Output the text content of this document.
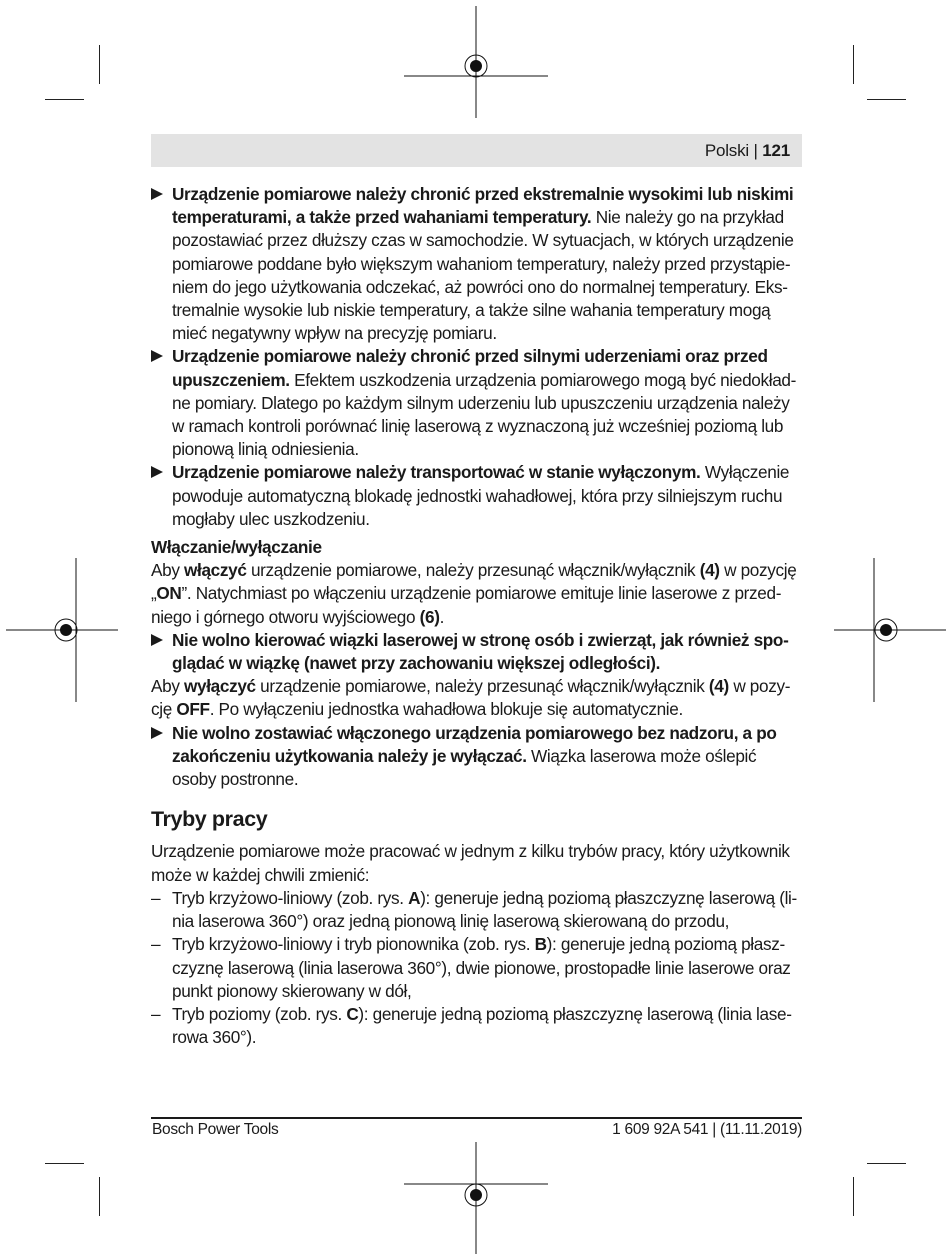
Polski | 121

Urządzenie pomiarowe należy chronić przed ekstremalnie wysokimi lub niskimi temperaturami, a także przed wahaniami temperatury. Nie należy go na przykład pozostawiać przez dłuższy czas w samochodzie. W sytuacjach, w których urządzenie pomiarowe poddane było większym wahaniom temperatury, należy przed przystąpieniem do jego użytkowania odczekać, aż powróci ono do normalnej temperatury. Ekstremalnie wysokie lub niskie temperatury, a także silne wahania temperatury mogą mieć negatywny wpływ na precyzję pomiaru.

Urządzenie pomiarowe należy chronić przed silnymi uderzeniami oraz przed upuszczeniem. Efektem uszkodzenia urządzenia pomiarowego mogą być niedokładne pomiary. Dlatego po każdym silnym uderzeniu lub upuszczeniu urządzenia należy w ramach kontroli porównać linię laserową z wyznaczoną już wcześniej poziomą lub pionową linią odniesienia.

Urządzenie pomiarowe należy transportować w stanie wyłączonym. Wyłączenie powoduje automatyczną blokadę jednostki wahadłowej, która przy silniejszym ruchu mogłaby ulec uszkodzeniu.

Włączanie/wyłączanie

Aby włączyć urządzenie pomiarowe, należy przesunąć włącznik/wyłącznik (4) w pozycję „ON”. Natychmiast po włączeniu urządzenie pomiarowe emituje linie laserowe z przedniego i górnego otworu wyjściowego (6).

Nie wolno kierować wiązki laserowej w stronę osób i zwierząt, jak również spoglądać w wiązkę (nawet przy zachowaniu większej odległości).

Aby wyłączyć urządzenie pomiarowe, należy przesunąć włącznik/wyłącznik (4) w pozycję OFF. Po wyłączeniu jednostka wahadłowa blokuje się automatycznie.

Nie wolno zostawiać włączonego urządzenia pomiarowego bez nadzoru, a po zakończeniu użytkowania należy je wyłączać. Wiązka laserowa może oślepić osoby postronne.

Tryby pracy

Urządzenie pomiarowe może pracować w jednym z kilku trybów pracy, który użytkownik może w każdej chwili zmienić:

– Tryb krzyżowo-liniowy (zob. rys. A): generuje jedną poziomą płaszczyznę laserową (linia laserowa 360°) oraz jedną pionową linię laserową skierowaną do przodu,

– Tryb krzyżowo-liniowy i tryb pionownika (zob. rys. B): generuje jedną poziomą płaszczyznę laserową (linia laserowa 360°), dwie pionowe, prostopadłe linie laserowe oraz punkt pionowy skierowany w dół,

– Tryb poziomy (zob. rys. C): generuje jedną poziomą płaszczyznę laserową (linia laserowa 360°).

Bosch Power Tools	1 609 92A 541 | (11.11.2019)
